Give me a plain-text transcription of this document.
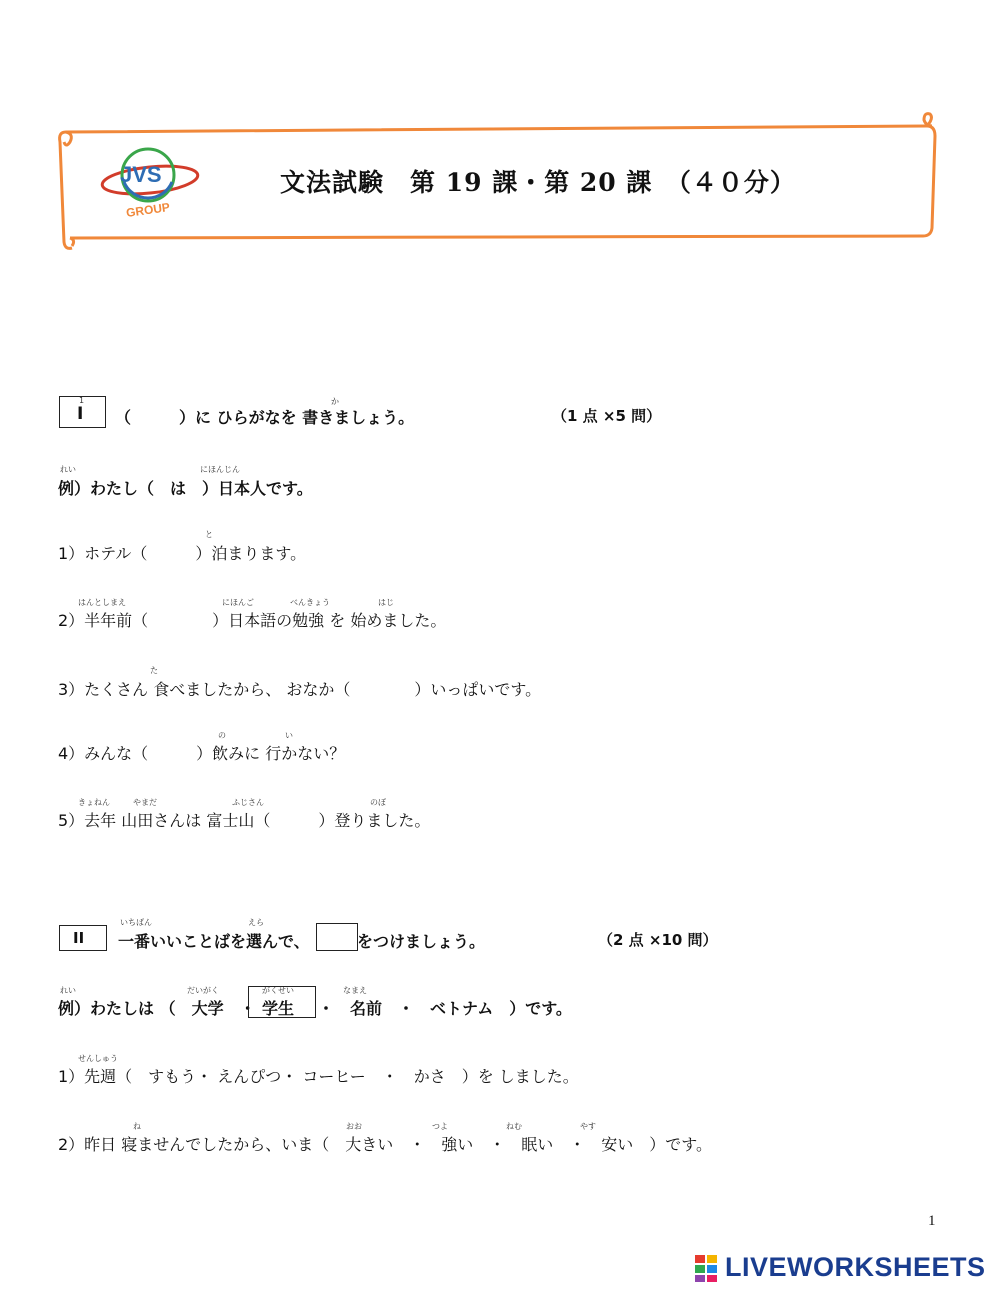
JVS
GROUP
文法試験　第 19 課・第 20 課　（４０分）
1
I
か
（　　　）に ひらがなを 書きましょう。	（1 点 ×5 問）
れい	にほんじん
例）わたし（　は　）日本人です。
と
1）ホテル（　　　）泊まります。
はんとしまえ	にほんご	べんきょう	はじ
2）半年前（　　　　）日本語の勉強 を 始めました。
た
3）たくさん 食べましたから、 おなか（　　　　）いっぱいです。
の	い
4）みんな（　　　）飲みに 行かない？
きょねん	やまだ	ふじさん	のぼ
5）去年 山田さんは 富士山（　　　）登りました。
II
いちばん	えら
一番いいことばを選んで、	をつけましょう。	（2 点 ×10 問）
れい	だいがく	がくせい	なまえ
例）わたしは （　大学　・ 学生 ・　名前　・　ベトナム　）です。
せんしゅう
1）先週（　すもう・ えんぴつ・ コーヒー　・　かさ　）を しました。
ね	おお	つよ	ねむ	やす
2）昨日 寝ませんでしたから、いま（　大きい　・　強い　・　眠い　・　安い　）です。
1
LIVEWORKSHEETS
